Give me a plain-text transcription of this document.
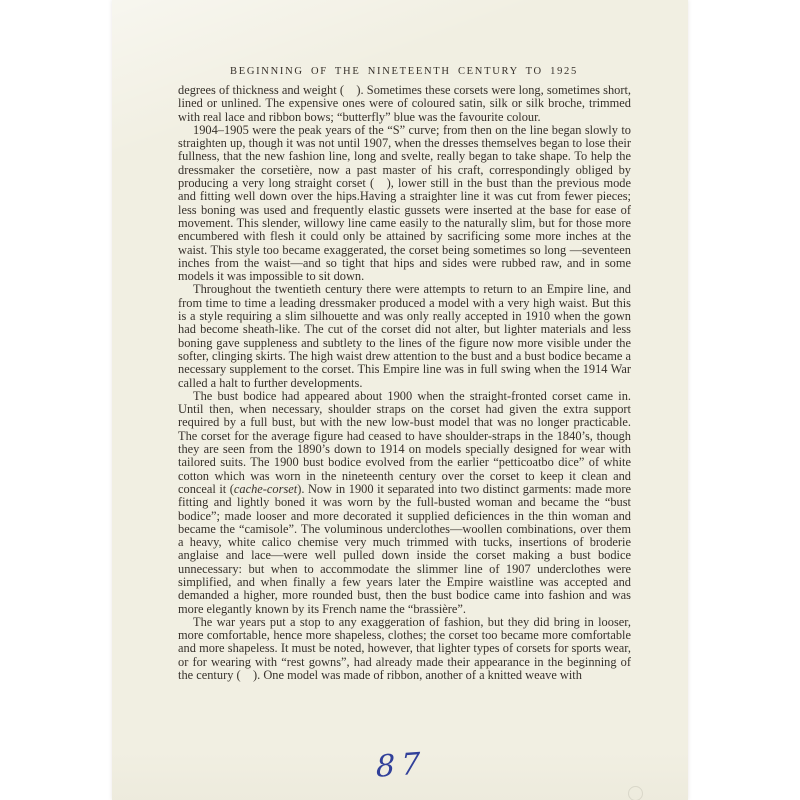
BEGINNING OF THE NINETEENTH CENTURY TO 1925

degrees of thickness and weight (  ). Sometimes these corsets were long, sometimes short, lined or unlined. The expensive ones were of coloured satin, silk or silk broche, trimmed with real lace and ribbon bows; “butterfly” blue was the favourite colour.

1904–1905 were the peak years of the “S” curve; from then on the line began slowly to straighten up, though it was not until 1907, when the dresses themselves began to lose their fullness, that the new fashion line, long and svelte, really began to take shape. To help the dressmaker the corsetière, now a past master of his craft, correspondingly obliged by producing a very long straight corset (  ), lower still in the bust than the previous mode and fitting well down over the hips.Having a straighter line it was cut from fewer pieces; less boning was used and frequently elastic gussets were inserted at the base for ease of movement. This slender, willowy line came easily to the naturally slim, but for those more encumbered with flesh it could only be attained by sacrificing some more inches at the waist. This style too became exaggerated, the corset being sometimes so long —seventeen inches from the waist—and so tight that hips and sides were rubbed raw, and in some models it was impossible to sit down.

Throughout the twentieth century there were attempts to return to an Empire line, and from time to time a leading dressmaker produced a model with a very high waist. But this is a style requiring a slim silhouette and was only really accepted in 1910 when the gown had become sheath-like. The cut of the corset did not alter, but lighter materials and less boning gave suppleness and subtlety to the lines of the figure now more visible under the softer, clinging skirts. The high waist drew attention to the bust and a bust bodice became a necessary supplement to the corset. This Empire line was in full swing when the 1914 War called a halt to further developments.

The bust bodice had appeared about 1900 when the straight-fronted corset came in. Until then, when necessary, shoulder straps on the corset had given the extra support required by a full bust, but with the new low-bust model that was no longer practicable. The corset for the average figure had ceased to have shoulder-straps in the 1840’s, though they are seen from the 1890’s down to 1914 on models specially designed for wear with tailored suits. The 1900 bust bodice evolved from the earlier “petticoatbo dice” of white cotton which was worn in the nineteenth century over the corset to keep it clean and conceal it (cache-corset). Now in 1900 it separated into two distinct garments: made more fitting and lightly boned it was worn by the full-busted woman and became the “bust bodice”; made looser and more decorated it supplied deficiences in the thin woman and became the “camisole”. The voluminous underclothes—woollen combinations, over them a heavy, white calico chemise very much trimmed with tucks, insertions of broderie anglaise and lace—were well pulled down inside the corset making a bust bodice unnecessary: but when to accommodate the slimmer line of 1907 underclothes were simplified, and when finally a few years later the Empire waistline was accepted and demanded a higher, more rounded bust, then the bust bodice came into fashion and was more elegantly known by its French name the “brassière”.

The war years put a stop to any exaggeration of fashion, but they did bring in looser, more comfortable, hence more shapeless, clothes; the corset too became more comfortable and more shapeless. It must be noted, however, that lighter types of corsets for sports wear, or for wearing with “rest gowns”, had already made their appearance in the beginning of the century (  ). One model was made of ribbon, another of a knitted weave with

87
